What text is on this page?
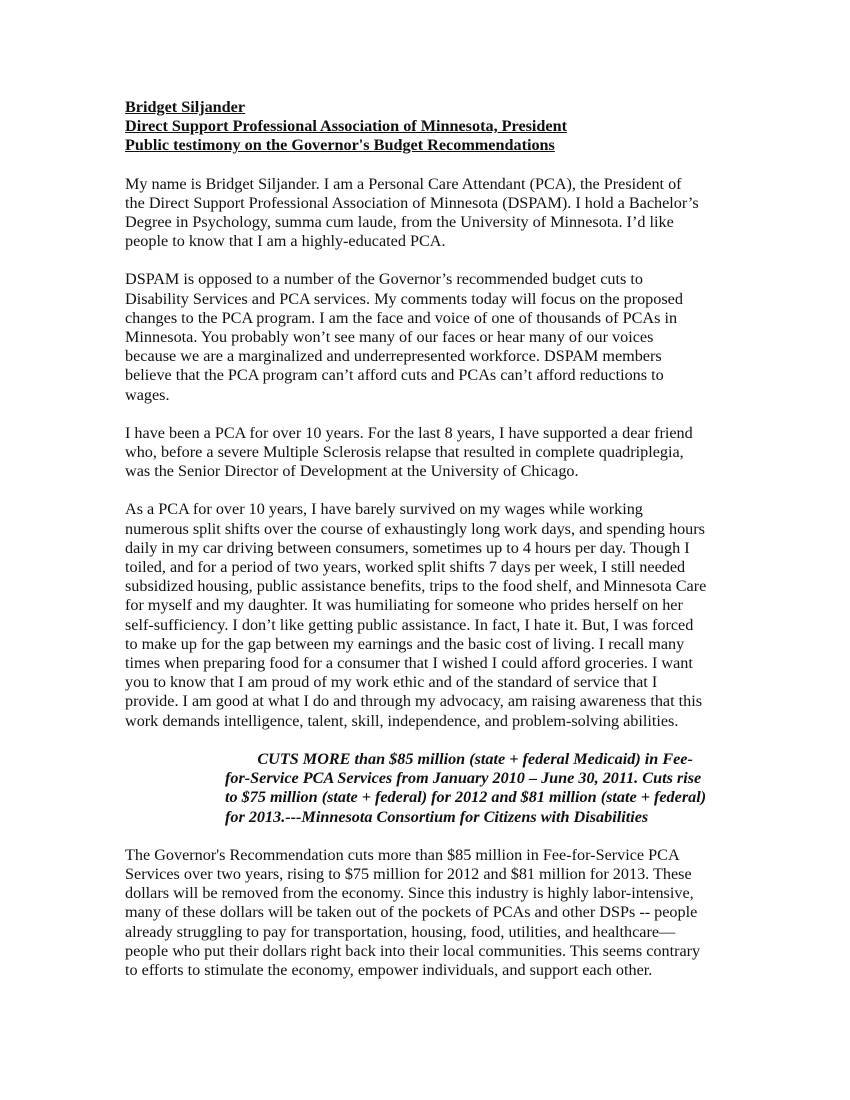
Bridget Siljander
Direct Support Professional Association of Minnesota, President
Public testimony on the Governor's Budget Recommendations

My name is Bridget Siljander. I am a Personal Care Attendant (PCA), the President of
the Direct Support Professional Association of Minnesota (DSPAM). I hold a Bachelor’s
Degree in Psychology, summa cum laude, from the University of Minnesota. I’d like
people to know that I am a highly-educated PCA.

DSPAM is opposed to a number of the Governor’s recommended budget cuts to
Disability Services and PCA services. My comments today will focus on the proposed
changes to the PCA program. I am the face and voice of one of thousands of PCAs in
Minnesota. You probably won’t see many of our faces or hear many of our voices
because we are a marginalized and underrepresented workforce. DSPAM members
believe that the PCA program can’t afford cuts and PCAs can’t afford reductions to
wages.

I have been a PCA for over 10 years. For the last 8 years, I have supported a dear friend
who, before a severe Multiple Sclerosis relapse that resulted in complete quadriplegia,
was the Senior Director of Development at the University of Chicago.

As a PCA for over 10 years, I have barely survived on my wages while working
numerous split shifts over the course of exhaustingly long work days, and spending hours
daily in my car driving between consumers, sometimes up to 4 hours per day. Though I
toiled, and for a period of two years, worked split shifts 7 days per week, I still needed
subsidized housing, public assistance benefits, trips to the food shelf, and Minnesota Care
for myself and my daughter. It was humiliating for someone who prides herself on her
self-sufficiency. I don’t like getting public assistance. In fact, I hate it. But, I was forced
to make up for the gap between my earnings and the basic cost of living. I recall many
times when preparing food for a consumer that I wished I could afford groceries. I want
you to know that I am proud of my work ethic and of the standard of service that I
provide. I am good at what I do and through my advocacy, am raising awareness that this
work demands intelligence, talent, skill, independence, and problem-solving abilities.

CUTS MORE than $85 million (state + federal Medicaid) in Fee-
for-Service PCA Services from January 2010 – June 30, 2011. Cuts rise
to $75 million (state + federal) for 2012 and $81 million (state + federal)
for 2013.---Minnesota Consortium for Citizens with Disabilities

The Governor's Recommendation cuts more than $85 million in Fee-for-Service PCA
Services over two years, rising to $75 million for 2012 and $81 million for 2013. These
dollars will be removed from the economy. Since this industry is highly labor-intensive,
many of these dollars will be taken out of the pockets of PCAs and other DSPs -- people
already struggling to pay for transportation, housing, food, utilities, and healthcare—
people who put their dollars right back into their local communities. This seems contrary
to efforts to stimulate the economy, empower individuals, and support each other.
